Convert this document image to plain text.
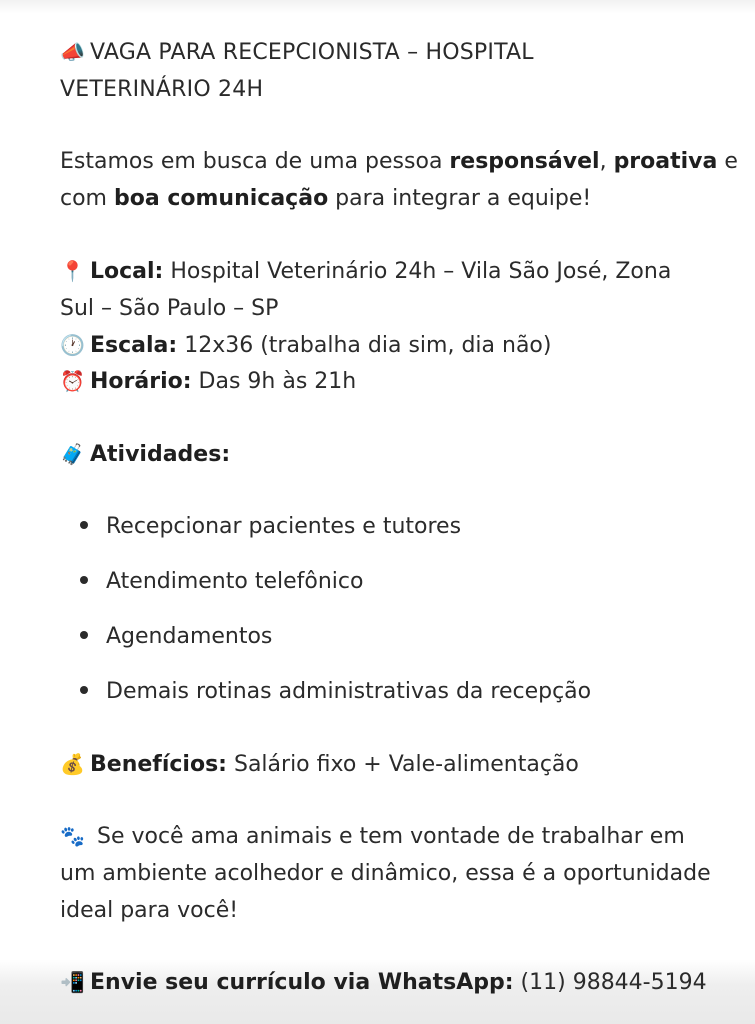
📣 VAGA PARA RECEPCIONISTA – HOSPITAL
VETERINÁRIO 24H
Estamos em busca de uma pessoa responsável, proativa e
com boa comunicação para integrar a equipe!
📍 Local: Hospital Veterinário 24h – Vila São José, Zona
Sul – São Paulo – SP
🕐 Escala: 12x36 (trabalha dia sim, dia não)
⏰ Horário: Das 9h às 21h
🧳 Atividades:
Recepcionar pacientes e tutores
Atendimento telefônico
Agendamentos
Demais rotinas administrativas da recepção
💰 Benefícios: Salário fixo + Vale-alimentação
🐾 Se você ama animais e tem vontade de trabalhar em
um ambiente acolhedor e dinâmico, essa é a oportunidade
ideal para você!
📲 Envie seu currículo via WhatsApp: (11) 98844-5194
